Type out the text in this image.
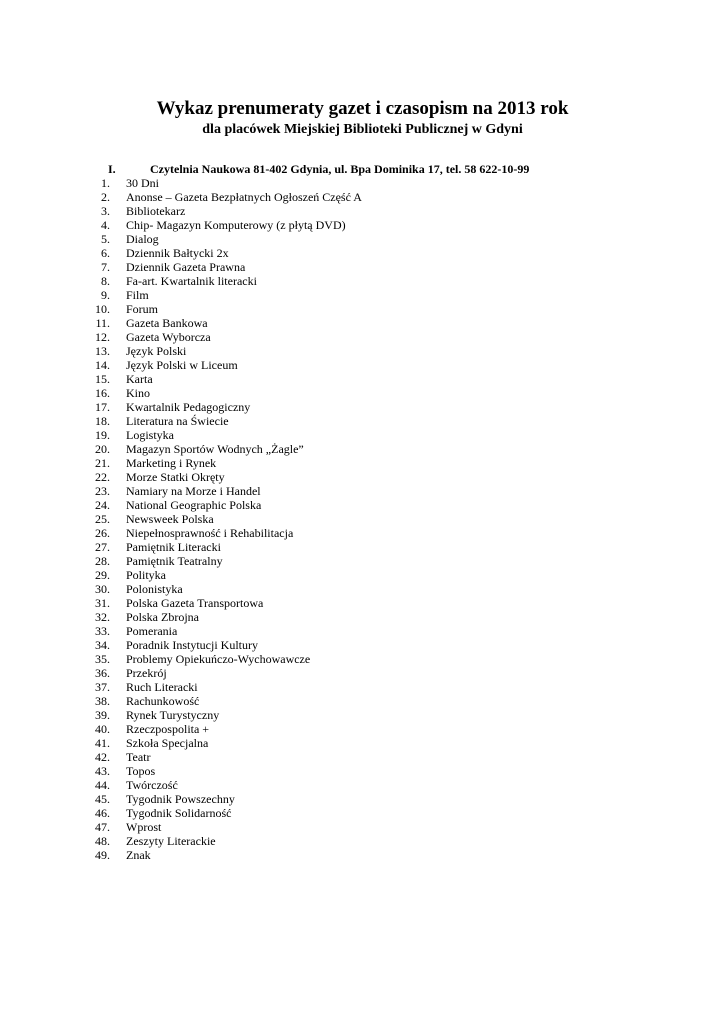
Wykaz prenumeraty gazet i czasopism na 2013 rok
dla placówek Miejskiej Biblioteki Publicznej w Gdyni
I.	Czytelnia Naukowa 81-402 Gdynia, ul. Bpa Dominika 17, tel. 58 622-10-99
1. 30 Dni
2. Anonse – Gazeta Bezpłatnych Ogłoszeń Część A
3. Bibliotekarz
4. Chip- Magazyn Komputerowy (z płytą DVD)
5. Dialog
6. Dziennik Bałtycki 2x
7. Dziennik Gazeta Prawna
8. Fa-art. Kwartalnik literacki
9. Film
10. Forum
11. Gazeta Bankowa
12. Gazeta Wyborcza
13. Język Polski
14. Język Polski w Liceum
15. Karta
16. Kino
17. Kwartalnik Pedagogiczny
18. Literatura na Świecie
19. Logistyka
20. Magazyn Sportów Wodnych „Żagle”
21. Marketing i Rynek
22. Morze Statki Okręty
23. Namiary na Morze i Handel
24. National Geographic Polska
25. Newsweek Polska
26. Niepełnosprawność i Rehabilitacja
27. Pamiętnik Literacki
28. Pamiętnik Teatralny
29. Polityka
30. Polonistyka
31. Polska Gazeta Transportowa
32. Polska Zbrojna
33. Pomerania
34. Poradnik Instytucji Kultury
35. Problemy Opiekuńczo-Wychowawcze
36. Przekrój
37. Ruch Literacki
38. Rachunkowość
39. Rynek Turystyczny
40. Rzeczpospolita +
41. Szkoła Specjalna
42. Teatr
43. Topos
44. Twórczość
45. Tygodnik Powszechny
46. Tygodnik Solidarność
47. Wprost
48. Zeszyty Literackie
49. Znak
